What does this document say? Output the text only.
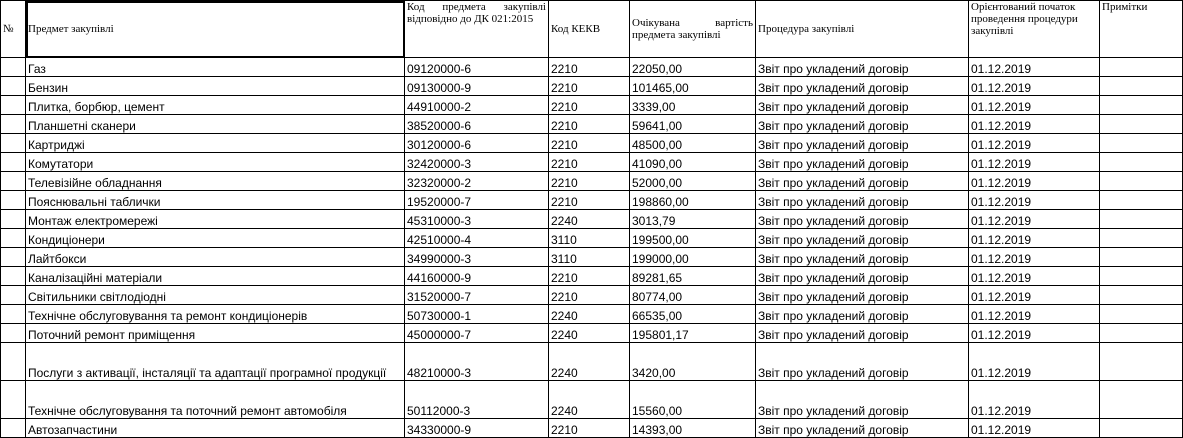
№	Предмет закупівлі	Код предмета закупівлі відповідно до ДК 021:2015	Код КЕКВ	Очікувана вартість предмета закупівлі	Процедура закупівлі	Орієнтований початок проведення процедури закупівлі	Примітки
	Газ	09120000-6	2210	22050,00	Звіт про укладений договір	01.12.2019	
	Бензин	09130000-9	2210	101465,00	Звіт про укладений договір	01.12.2019	
	Плитка, борбюр, цемент	44910000-2	2210	3339,00	Звіт про укладений договір	01.12.2019	
	Планшетні сканери	38520000-6	2210	59641,00	Звіт про укладений договір	01.12.2019	
	Картриджі	30120000-6	2210	48500,00	Звіт про укладений договір	01.12.2019	
	Комутатори	32420000-3	2210	41090,00	Звіт про укладений договір	01.12.2019	
	Телевізійне обладнання	32320000-2	2210	52000,00	Звіт про укладений договір	01.12.2019	
	Пояснювальні таблички	19520000-7	2210	198860,00	Звіт про укладений договір	01.12.2019	
	Монтаж електромережі	45310000-3	2240	3013,79	Звіт про укладений договір	01.12.2019	
	Кондиціонери	42510000-4	3110	199500,00	Звіт про укладений договір	01.12.2019	
	Лайтбокси	34990000-3	3110	199000,00	Звіт про укладений договір	01.12.2019	
	Каналізаційні матеріали	44160000-9	2210	89281,65	Звіт про укладений договір	01.12.2019	
	Світильники світлодіодні	31520000-7	2210	80774,00	Звіт про укладений договір	01.12.2019	
	Технічне обслуговування та ремонт кондиціонерів	50730000-1	2240	66535,00	Звіт про укладений договір	01.12.2019	
	Поточний ремонт приміщення	45000000-7	2240	195801,17	Звіт про укладений договір	01.12.2019	
	Послуги з активації, інсталяції та адаптації програмної продукції	48210000-3	2240	3420,00	Звіт про укладений договір	01.12.2019	
	Технічне обслуговування та поточний ремонт автомобіля	50112000-3	2240	15560,00	Звіт про укладений договір	01.12.2019	
	Автозапчастини	34330000-9	2210	14393,00	Звіт про укладений договір	01.12.2019	
